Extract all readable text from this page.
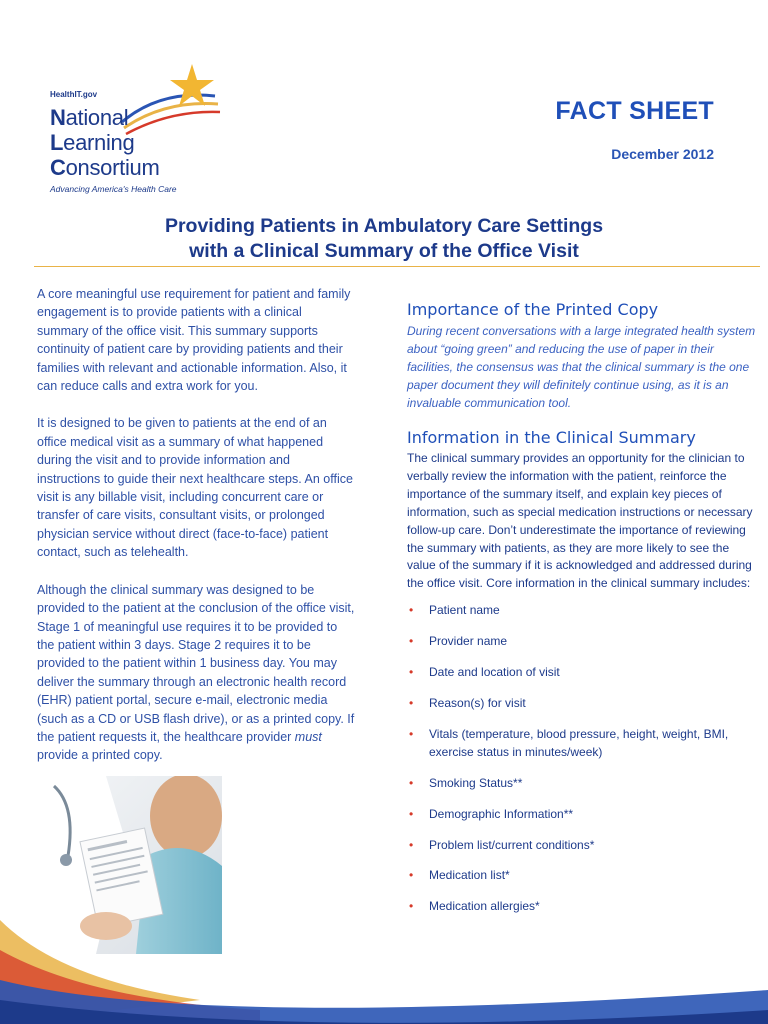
HealthIT.gov
National
Learning
Consortium
Advancing America's Health Care
FACT SHEET
December 2012
Providing Patients in Ambulatory Care Settings
with a Clinical Summary of the Office Visit

A core meaningful use requirement for patient and family engagement is to provide patients with a clinical summary of the office visit. This summary supports continuity of patient care by providing patients and their families with relevant and actionable information. Also, it can reduce calls and extra work for you.

It is designed to be given to patients at the end of an office medical visit as a summary of what happened during the visit and to provide information and instructions to guide their next healthcare steps. An office visit is any billable visit, including concurrent care or transfer of care visits, consultant visits, or prolonged physician service without direct (face-to-face) patient contact, such as telehealth.

Although the clinical summary was designed to be provided to the patient at the conclusion of the office visit, Stage 1 of meaningful use requires it to be provided to the patient within 3 days. Stage 2 requires it to be provided to the patient within 1 business day. You may deliver the summary through an electronic health record (EHR) patient portal, secure e-mail, electronic media (such as a CD or USB flash drive), or as a printed copy. If the patient requests it, the healthcare provider must provide a printed copy.

Importance of the Printed Copy

During recent conversations with a large integrated health system about “going green” and reducing the use of paper in their facilities, the consensus was that the clinical summary is the one paper document they will definitely continue using, as it is an invaluable communication tool.

Information in the Clinical Summary

The clinical summary provides an opportunity for the clinician to verbally review the information with the patient, reinforce the importance of the summary itself, and explain key pieces of information, such as special medication instructions or necessary follow-up care. Don’t underestimate the importance of reviewing the summary with patients, as they are more likely to see the value of the summary if it is acknowledged and addressed during the office visit. Core information in the clinical summary includes:

• Patient name
• Provider name
• Date and location of visit
• Reason(s) for visit
• Vitals (temperature, blood pressure, height, weight, BMI, exercise status in minutes/week)
• Smoking Status**
• Demographic Information**
• Problem list/current conditions*
• Medication list*
• Medication allergies*
